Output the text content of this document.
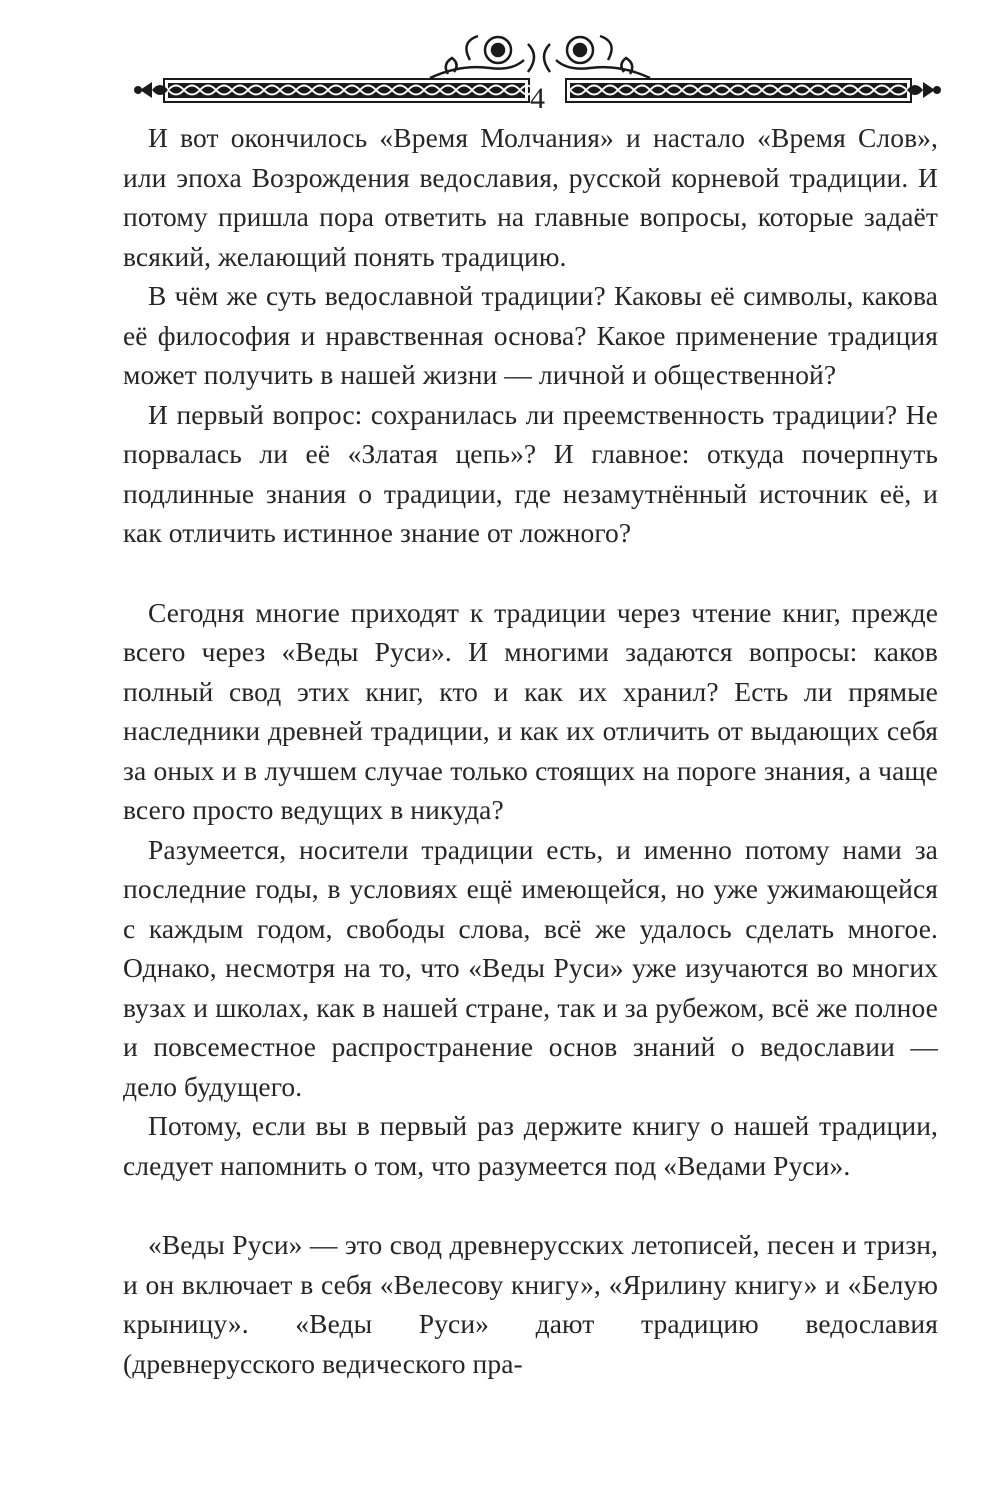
4

И вот окончилось «Время Молчания» и настало «Время Слов», или эпоха Возрождения ведославия, русской корневой традиции. И потому пришла пора ответить на главные вопросы, которые задаёт всякий, желающий понять традицию.

В чём же суть ведославной традиции? Каковы её символы, какова её философия и нравственная основа? Какое применение традиция может получить в нашей жизни — личной и общественной?

И первый вопрос: сохранилась ли преемственность традиции? Не порвалась ли её «Златая цепь»? И главное: откуда почерпнуть подлинные знания о традиции, где незамутнённый источник её, и как отличить истинное знание от ложного?

Сегодня многие приходят к традиции через чтение книг, прежде всего через «Веды Руси». И многими задаются вопросы: каков полный свод этих книг, кто и как их хранил? Есть ли прямые наследники древней традиции, и как их отличить от выдающих себя за оных и в лучшем случае только стоящих на пороге знания, а чаще всего просто ведущих в никуда?

Разумеется, носители традиции есть, и именно потому нами за последние годы, в условиях ещё имеющейся, но уже ужимающейся с каждым годом, свободы слова, всё же удалось сделать многое. Однако, несмотря на то, что «Веды Руси» уже изучаются во многих вузах и школах, как в нашей стране, так и за рубежом, всё же полное и повсеместное распространение основ знаний о ведославии — дело будущего.

Потому, если вы в первый раз держите книгу о нашей традиции, следует напомнить о том, что разумеется под «Ведами Руси».

«Веды Руси» — это свод древнерусских летописей, песен и тризн, и он включает в себя «Велесову книгу», «Ярилину книгу» и «Белую крыницу». «Веды Руси» дают традицию ведославия (древнерусского ведического пра-
